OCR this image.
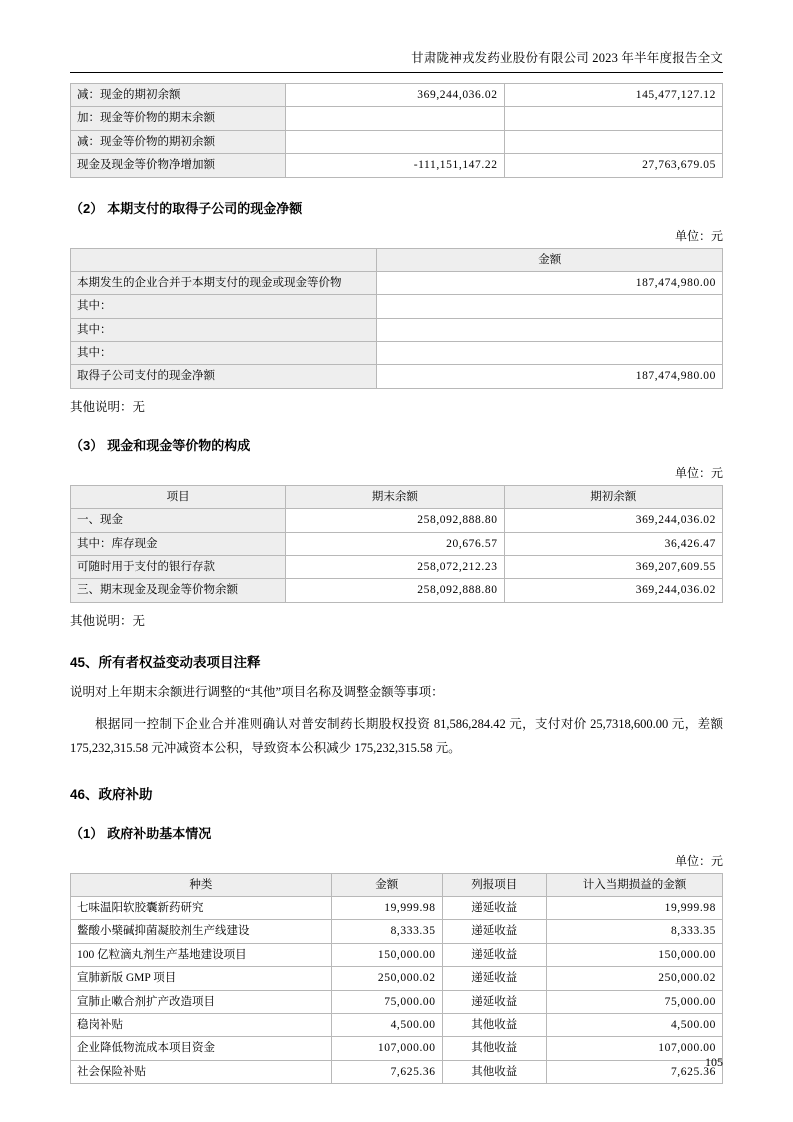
甘肃陇神戎发药业股份有限公司 2023 年半年度报告全文
减：现金的期初余额	369,244,036.02	145,477,127.12
加：现金等价物的期末余额		
减：现金等价物的期初余额		
现金及现金等价物净增加额	-111,151,147.22	27,763,679.05
（2） 本期支付的取得子公司的现金净额
单位：元
	金额
本期发生的企业合并于本期支付的现金或现金等价物	187,474,980.00
其中：	
其中：	
其中：	
取得子公司支付的现金净额	187,474,980.00

其他说明：无

（3） 现金和现金等价物的构成
单位：元
项目	期末余额	期初余额
一、现金	258,092,888.80	369,244,036.02
其中：库存现金	20,676.57	36,426.47
可随时用于支付的银行存款	258,072,212.23	369,207,609.55
三、期末现金及现金等价物余额	258,092,888.80	369,244,036.02

其他说明：无

45、所有者权益变动表项目注释

说明对上年期末余额进行调整的“其他”项目名称及调整金额等事项：

根据同一控制下企业合并准则确认对普安制药长期股权投资 81,586,284.42 元，支付对价 25,7318,600.00 元，差额 175,232,315.58 元冲减资本公积，导致资本公积减少 175,232,315.58 元。

46、政府补助
（1） 政府补助基本情况
单位：元
种类	金额	列报项目	计入当期损益的金额
七味温阳软胶囊新药研究	19,999.98	递延收益	19,999.98
鳖酸小檗碱抑菌凝胶剂生产线建设	8,333.35	递延收益	8,333.35
100 亿粒滴丸剂生产基地建设项目	150,000.00	递延收益	150,000.00
宣肺新版 GMP 项目	250,000.02	递延收益	250,000.02
宣肺止嗽合剂扩产改造项目	75,000.00	递延收益	75,000.00
稳岗补贴	4,500.00	其他收益	4,500.00
企业降低物流成本项目资金	107,000.00	其他收益	107,000.00
社会保险补贴	7,625.36	其他收益	7,625.36
105
